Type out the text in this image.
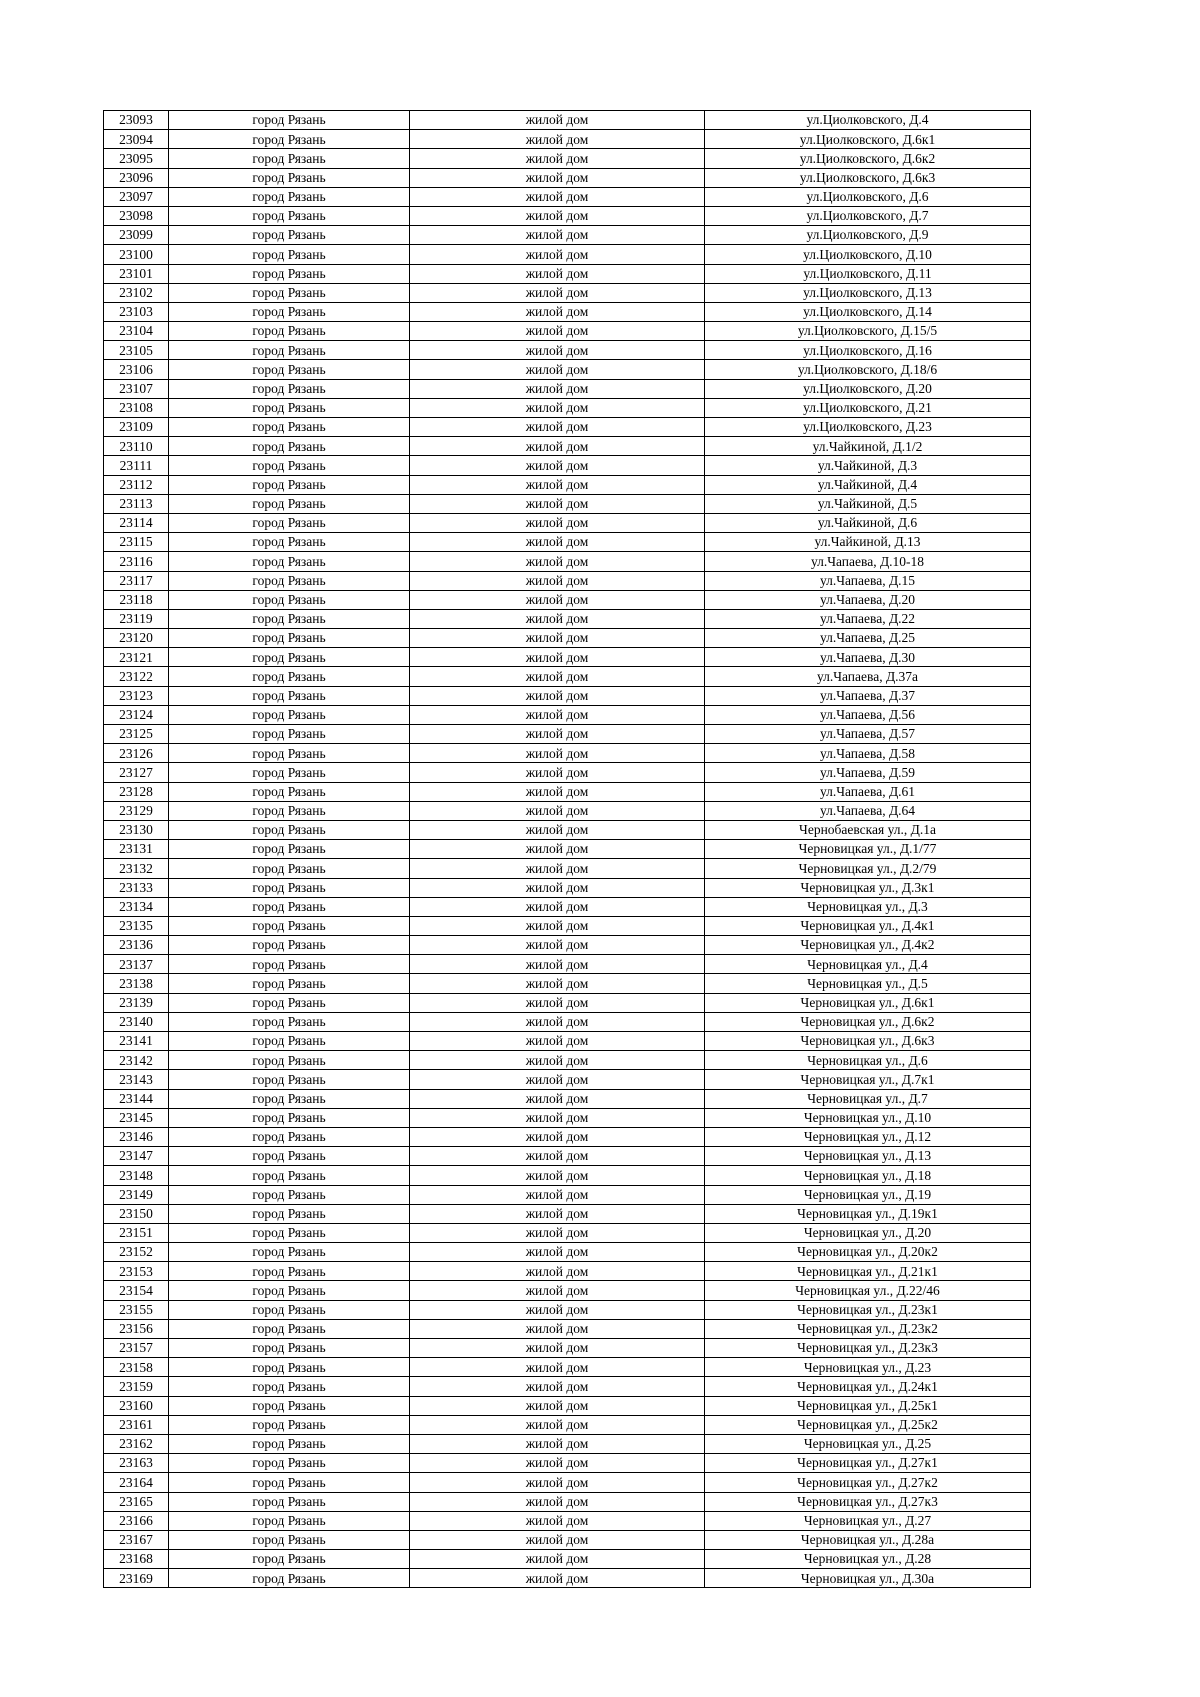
23093	город Рязань	жилой дом	ул.Циолковского, Д.4
23094	город Рязань	жилой дом	ул.Циолковского, Д.6к1
23095	город Рязань	жилой дом	ул.Циолковского, Д.6к2
23096	город Рязань	жилой дом	ул.Циолковского, Д.6к3
23097	город Рязань	жилой дом	ул.Циолковского, Д.6
23098	город Рязань	жилой дом	ул.Циолковского, Д.7
23099	город Рязань	жилой дом	ул.Циолковского, Д.9
23100	город Рязань	жилой дом	ул.Циолковского, Д.10
23101	город Рязань	жилой дом	ул.Циолковского, Д.11
23102	город Рязань	жилой дом	ул.Циолковского, Д.13
23103	город Рязань	жилой дом	ул.Циолковского, Д.14
23104	город Рязань	жилой дом	ул.Циолковского, Д.15/5
23105	город Рязань	жилой дом	ул.Циолковского, Д.16
23106	город Рязань	жилой дом	ул.Циолковского, Д.18/6
23107	город Рязань	жилой дом	ул.Циолковского, Д.20
23108	город Рязань	жилой дом	ул.Циолковского, Д.21
23109	город Рязань	жилой дом	ул.Циолковского, Д.23
23110	город Рязань	жилой дом	ул.Чайкиной, Д.1/2
23111	город Рязань	жилой дом	ул.Чайкиной, Д.3
23112	город Рязань	жилой дом	ул.Чайкиной, Д.4
23113	город Рязань	жилой дом	ул.Чайкиной, Д.5
23114	город Рязань	жилой дом	ул.Чайкиной, Д.6
23115	город Рязань	жилой дом	ул.Чайкиной, Д.13
23116	город Рязань	жилой дом	ул.Чапаева, Д.10-18
23117	город Рязань	жилой дом	ул.Чапаева, Д.15
23118	город Рязань	жилой дом	ул.Чапаева, Д.20
23119	город Рязань	жилой дом	ул.Чапаева, Д.22
23120	город Рязань	жилой дом	ул.Чапаева, Д.25
23121	город Рязань	жилой дом	ул.Чапаева, Д.30
23122	город Рязань	жилой дом	ул.Чапаева, Д.37а
23123	город Рязань	жилой дом	ул.Чапаева, Д.37
23124	город Рязань	жилой дом	ул.Чапаева, Д.56
23125	город Рязань	жилой дом	ул.Чапаева, Д.57
23126	город Рязань	жилой дом	ул.Чапаева, Д.58
23127	город Рязань	жилой дом	ул.Чапаева, Д.59
23128	город Рязань	жилой дом	ул.Чапаева, Д.61
23129	город Рязань	жилой дом	ул.Чапаева, Д.64
23130	город Рязань	жилой дом	Чернобаевская ул., Д.1а
23131	город Рязань	жилой дом	Черновицкая ул., Д.1/77
23132	город Рязань	жилой дом	Черновицкая ул., Д.2/79
23133	город Рязань	жилой дом	Черновицкая ул., Д.3к1
23134	город Рязань	жилой дом	Черновицкая ул., Д.3
23135	город Рязань	жилой дом	Черновицкая ул., Д.4к1
23136	город Рязань	жилой дом	Черновицкая ул., Д.4к2
23137	город Рязань	жилой дом	Черновицкая ул., Д.4
23138	город Рязань	жилой дом	Черновицкая ул., Д.5
23139	город Рязань	жилой дом	Черновицкая ул., Д.6к1
23140	город Рязань	жилой дом	Черновицкая ул., Д.6к2
23141	город Рязань	жилой дом	Черновицкая ул., Д.6к3
23142	город Рязань	жилой дом	Черновицкая ул., Д.6
23143	город Рязань	жилой дом	Черновицкая ул., Д.7к1
23144	город Рязань	жилой дом	Черновицкая ул., Д.7
23145	город Рязань	жилой дом	Черновицкая ул., Д.10
23146	город Рязань	жилой дом	Черновицкая ул., Д.12
23147	город Рязань	жилой дом	Черновицкая ул., Д.13
23148	город Рязань	жилой дом	Черновицкая ул., Д.18
23149	город Рязань	жилой дом	Черновицкая ул., Д.19
23150	город Рязань	жилой дом	Черновицкая ул., Д.19к1
23151	город Рязань	жилой дом	Черновицкая ул., Д.20
23152	город Рязань	жилой дом	Черновицкая ул., Д.20к2
23153	город Рязань	жилой дом	Черновицкая ул., Д.21к1
23154	город Рязань	жилой дом	Черновицкая ул., Д.22/46
23155	город Рязань	жилой дом	Черновицкая ул., Д.23к1
23156	город Рязань	жилой дом	Черновицкая ул., Д.23к2
23157	город Рязань	жилой дом	Черновицкая ул., Д.23к3
23158	город Рязань	жилой дом	Черновицкая ул., Д.23
23159	город Рязань	жилой дом	Черновицкая ул., Д.24к1
23160	город Рязань	жилой дом	Черновицкая ул., Д.25к1
23161	город Рязань	жилой дом	Черновицкая ул., Д.25к2
23162	город Рязань	жилой дом	Черновицкая ул., Д.25
23163	город Рязань	жилой дом	Черновицкая ул., Д.27к1
23164	город Рязань	жилой дом	Черновицкая ул., Д.27к2
23165	город Рязань	жилой дом	Черновицкая ул., Д.27к3
23166	город Рязань	жилой дом	Черновицкая ул., Д.27
23167	город Рязань	жилой дом	Черновицкая ул., Д.28а
23168	город Рязань	жилой дом	Черновицкая ул., Д.28
23169	город Рязань	жилой дом	Черновицкая ул., Д.30а
